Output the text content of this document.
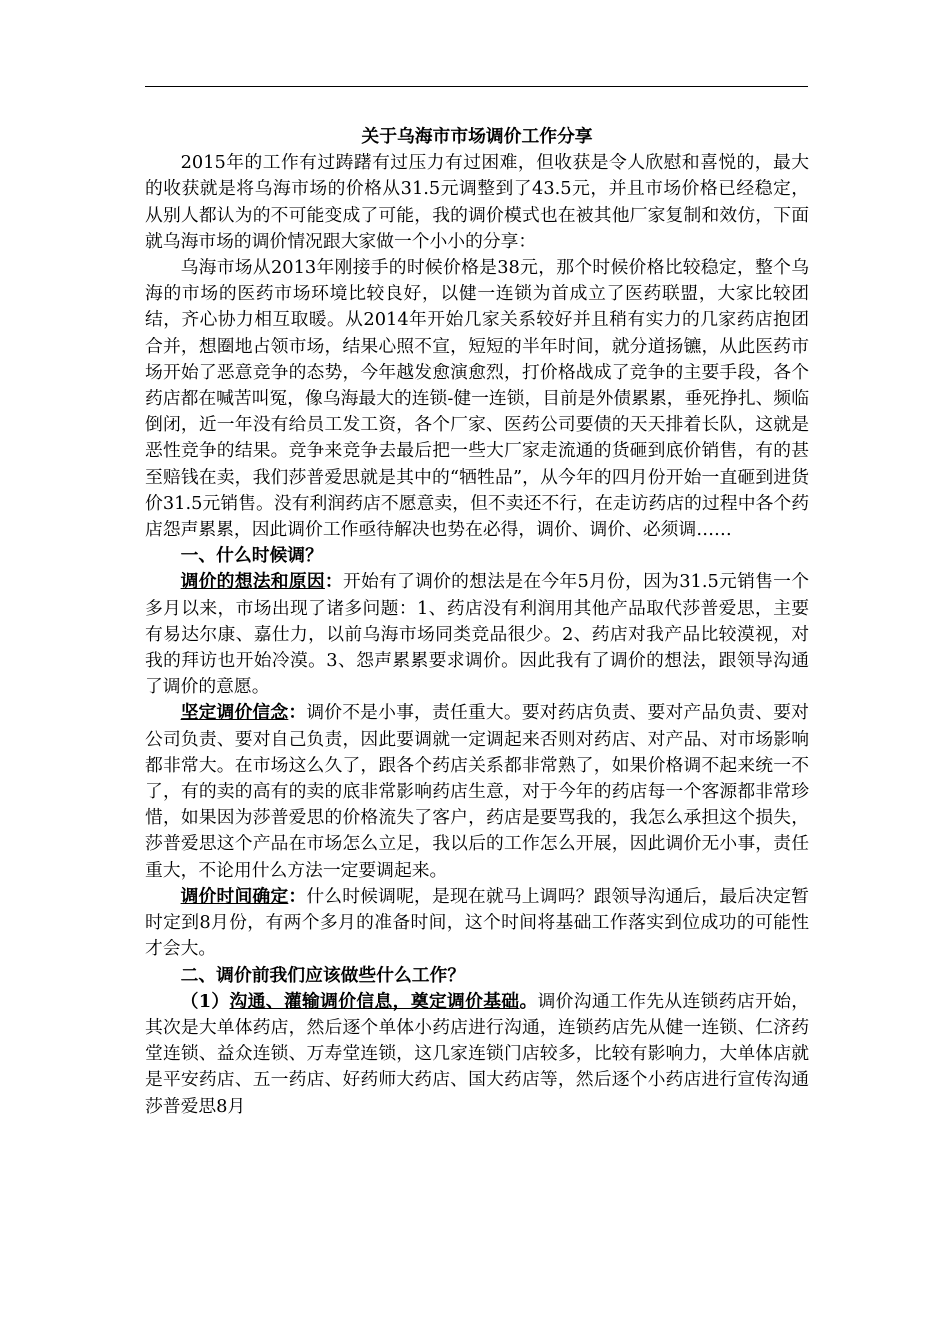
关于乌海市市场调价工作分享

2015年的工作有过踌躇有过压力有过困难，但收获是令人欣慰和喜悦的，最大的收获就是将乌海市场的价格从31.5元调整到了43.5元，并且市场价格已经稳定，从别人都认为的不可能变成了可能，我的调价模式也在被其他厂家复制和效仿，下面就乌海市场的调价情况跟大家做一个小小的分享：

乌海市场从2013年刚接手的时候价格是38元，那个时候价格比较稳定，整个乌海的市场的医药市场环境比较良好，以健一连锁为首成立了医药联盟，大家比较团结，齐心协力相互取暖。从2014年开始几家关系较好并且稍有实力的几家药店抱团合并，想圈地占领市场，结果心照不宣，短短的半年时间，就分道扬镳，从此医药市场开始了恶意竞争的态势，今年越发愈演愈烈，打价格战成了竞争的主要手段，各个药店都在喊苦叫冤，像乌海最大的连锁-健一连锁，目前是外债累累，垂死挣扎、频临倒闭，近一年没有给员工发工资，各个厂家、医药公司要债的天天排着长队，这就是恶性竞争的结果。竞争来竞争去最后把一些大厂家走流通的货砸到底价销售，有的甚至赔钱在卖，我们莎普爱思就是其中的“牺牲品”，从今年的四月份开始一直砸到进货价31.5元销售。没有利润药店不愿意卖，但不卖还不行，在走访药店的过程中各个药店怨声累累，因此调价工作亟待解决也势在必得，调价、调价、必须调……

一、什么时候调？

调价的想法和原因：开始有了调价的想法是在今年5月份，因为31.5元销售一个多月以来，市场出现了诸多问题：1、药店没有利润用其他产品取代莎普爱思，主要有易达尔康、嘉仕力，以前乌海市场同类竞品很少。2、药店对我产品比较漠视，对我的拜访也开始冷漠。3、怨声累累要求调价。因此我有了调价的想法，跟领导沟通了调价的意愿。

坚定调价信念：调价不是小事，责任重大。要对药店负责、要对产品负责、要对公司负责、要对自己负责，因此要调就一定调起来否则对药店、对产品、对市场影响都非常大。在市场这么久了，跟各个药店关系都非常熟了，如果价格调不起来统一不了，有的卖的高有的卖的底非常影响药店生意，对于今年的药店每一个客源都非常珍惜，如果因为莎普爱思的价格流失了客户，药店是要骂我的，我怎么承担这个损失，莎普爱思这个产品在市场怎么立足，我以后的工作怎么开展，因此调价无小事，责任重大，不论用什么方法一定要调起来。

调价时间确定：什么时候调呢，是现在就马上调吗？跟领导沟通后，最后决定暂时定到8月份，有两个多月的准备时间，这个时间将基础工作落实到位成功的可能性才会大。

二、调价前我们应该做些什么工作？

（1）沟通、灌输调价信息，奠定调价基础。调价沟通工作先从连锁药店开始，其次是大单体药店，然后逐个单体小药店进行沟通，连锁药店先从健一连锁、仁济药堂连锁、益众连锁、万寿堂连锁，这几家连锁门店较多，比较有影响力，大单体店就是平安药店、五一药店、好药师大药店、国大药店等，然后逐个小药店进行宣传沟通莎普爱思8月
